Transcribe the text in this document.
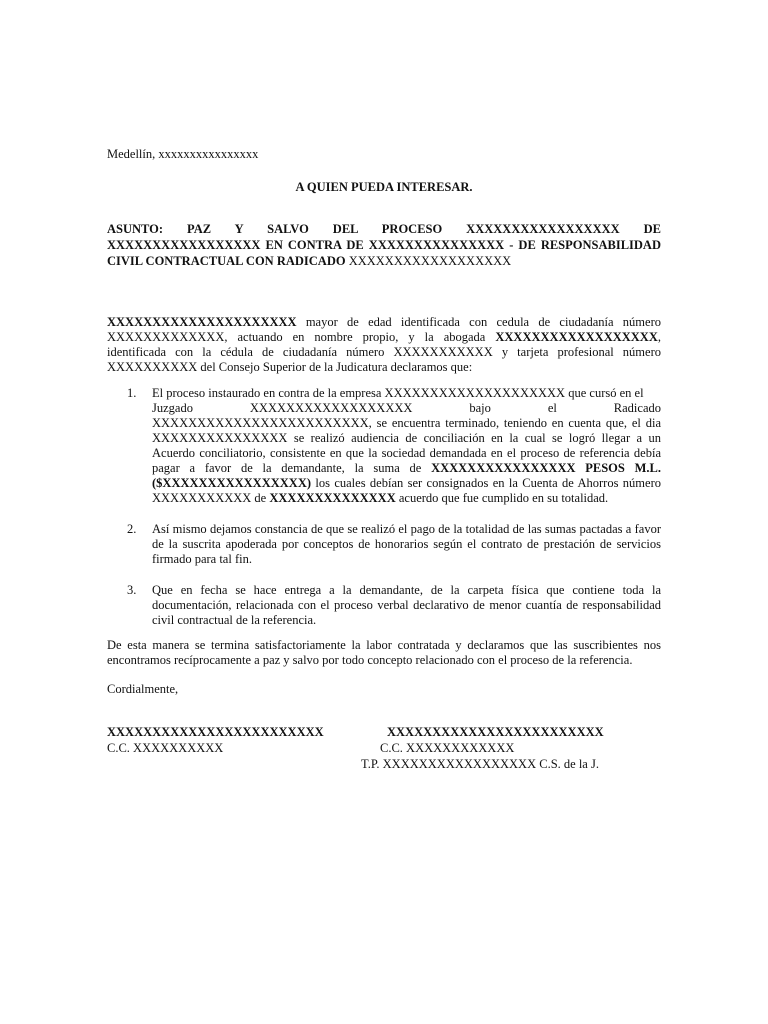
Medellín, xxxxxxxxxxxxxxxx

A QUIEN PUEDA INTERESAR.

ASUNTO: PAZ Y SALVO DEL PROCESO XXXXXXXXXXXXXXXXX DE XXXXXXXXXXXXXXXXX EN CONTRA DE XXXXXXXXXXXXXXX - DE RESPONSABILIDAD CIVIL CONTRACTUAL CON RADICADO XXXXXXXXXXXXXXXXXX

XXXXXXXXXXXXXXXXXXXXX mayor de edad identificada con cedula de ciudadanía número XXXXXXXXXXXXX, actuando en nombre propio, y la abogada XXXXXXXXXXXXXXXXXX, identificada con la cédula de ciudadanía número XXXXXXXXXXX y tarjeta profesional número XXXXXXXXXX del Consejo Superior de la Judicatura declaramos que:

1. El proceso instaurado en contra de la empresa XXXXXXXXXXXXXXXXXXXX que cursó en el
Juzgado	XXXXXXXXXXXXXXXXXX	bajo	el	Radicado
XXXXXXXXXXXXXXXXXXXXXXXX, se encuentra terminado, teniendo en cuenta que, el dia XXXXXXXXXXXXXXX se realizó audiencia de conciliación en la cual se logró llegar a un Acuerdo conciliatorio, consistente en que la sociedad demandada en el proceso de referencia debía pagar a favor de la demandante, la suma de XXXXXXXXXXXXXXXX PESOS M.L. ($XXXXXXXXXXXXXXXX) los cuales debían ser consignados en la Cuenta de Ahorros número XXXXXXXXXXX de XXXXXXXXXXXXXX acuerdo que fue cumplido en su totalidad.
2. Así mismo dejamos constancia de que se realizó el pago de la totalidad de las sumas pactadas a favor de la suscrita apoderada por conceptos de honorarios según el contrato de prestación de servicios firmado para tal fin.
3. Que en fecha se hace entrega a la demandante, de la carpeta física que contiene toda la documentación, relacionada con el proceso verbal declarativo de menor cuantía de responsabilidad civil contractual de la referencia.

De esta manera se termina satisfactoriamente la labor contratada y declaramos que las suscribientes nos encontramos recíprocamente a paz y salvo por todo concepto relacionado con el proceso de la referencia.

Cordialmente,

XXXXXXXXXXXXXXXXXXXXXXXX
C.C. XXXXXXXXXX
XXXXXXXXXXXXXXXXXXXXXXXX
C.C. XXXXXXXXXXXX
T.P. XXXXXXXXXXXXXXXXX C.S. de la J.
